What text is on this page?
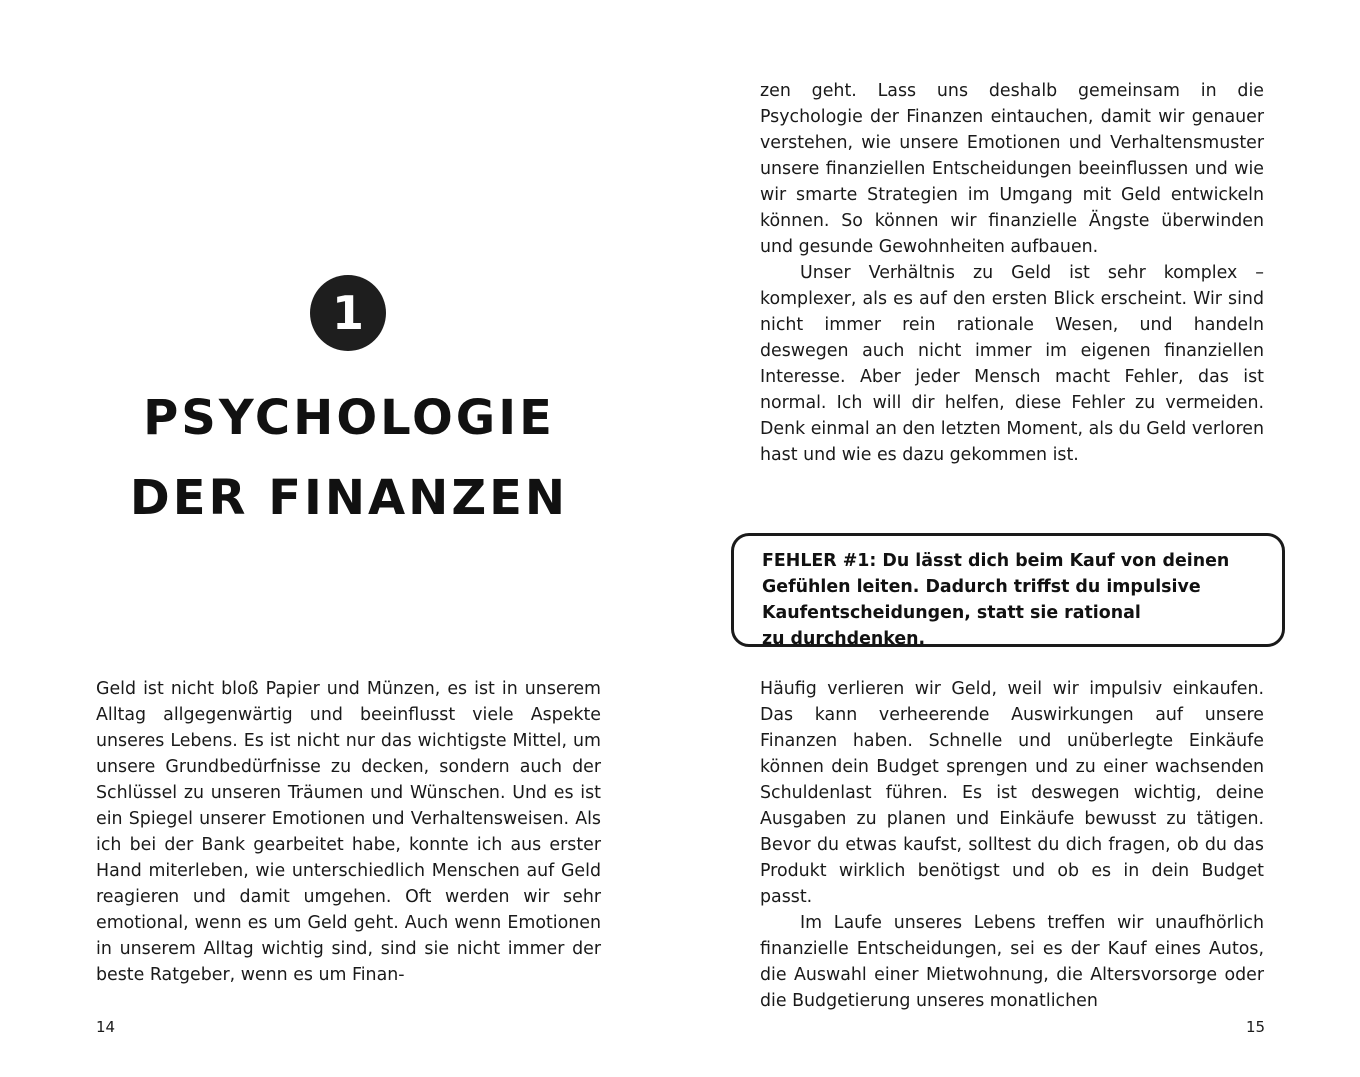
1
PSYCHOLOGIE
DER FINANZEN

Geld ist nicht bloß Papier und Münzen, es ist in unserem Alltag allgegenwärtig und beeinflusst viele Aspekte unseres Lebens. Es ist nicht nur das wichtigste Mittel, um unsere Grundbedürfnisse zu decken, sondern auch der Schlüssel zu unseren Träumen und Wünschen. Und es ist ein Spiegel unserer Emotionen und Verhaltensweisen. Als ich bei der Bank gearbeitet habe, konnte ich aus erster Hand miterleben, wie unterschiedlich Menschen auf Geld reagieren und damit umgehen. Oft werden wir sehr emotional, wenn es um Geld geht. Auch wenn Emotionen in unserem Alltag wichtig sind, sind sie nicht immer der beste Ratgeber, wenn es um Finan-

14

zen geht. Lass uns deshalb gemeinsam in die Psychologie der Finanzen eintauchen, damit wir genauer verstehen, wie unsere Emotionen und Verhaltensmuster unsere finanziellen Entscheidungen beeinflussen und wie wir smarte Strategien im Umgang mit Geld entwickeln können. So können wir finanzielle Ängste überwinden und gesunde Gewohnheiten aufbauen.

Unser Verhältnis zu Geld ist sehr komplex – komplexer, als es auf den ersten Blick erscheint. Wir sind nicht immer rein rationale Wesen, und handeln deswegen auch nicht immer im eigenen finanziellen Interesse. Aber jeder Mensch macht Fehler, das ist normal. Ich will dir helfen, diese Fehler zu vermeiden. Denk einmal an den letzten Moment, als du Geld verloren hast und wie es dazu gekommen ist.

FEHLER #1: Du lässt dich beim Kauf von deinen
Gefühlen leiten. Dadurch triffst du impulsive
Kaufentscheidungen, statt sie rational
zu durchdenken.

Häufig verlieren wir Geld, weil wir impulsiv einkaufen. Das kann verheerende Auswirkungen auf unsere Finanzen haben. Schnelle und unüberlegte Einkäufe können dein Budget sprengen und zu einer wachsenden Schuldenlast führen. Es ist deswegen wichtig, deine Ausgaben zu planen und Einkäufe bewusst zu tätigen. Bevor du etwas kaufst, solltest du dich fragen, ob du das Produkt wirklich benötigst und ob es in dein Budget passt.

Im Laufe unseres Lebens treffen wir unaufhörlich finanzielle Entscheidungen, sei es der Kauf eines Autos, die Auswahl einer Mietwohnung, die Altersvorsorge oder die Budgetierung unseres monatlichen

15
